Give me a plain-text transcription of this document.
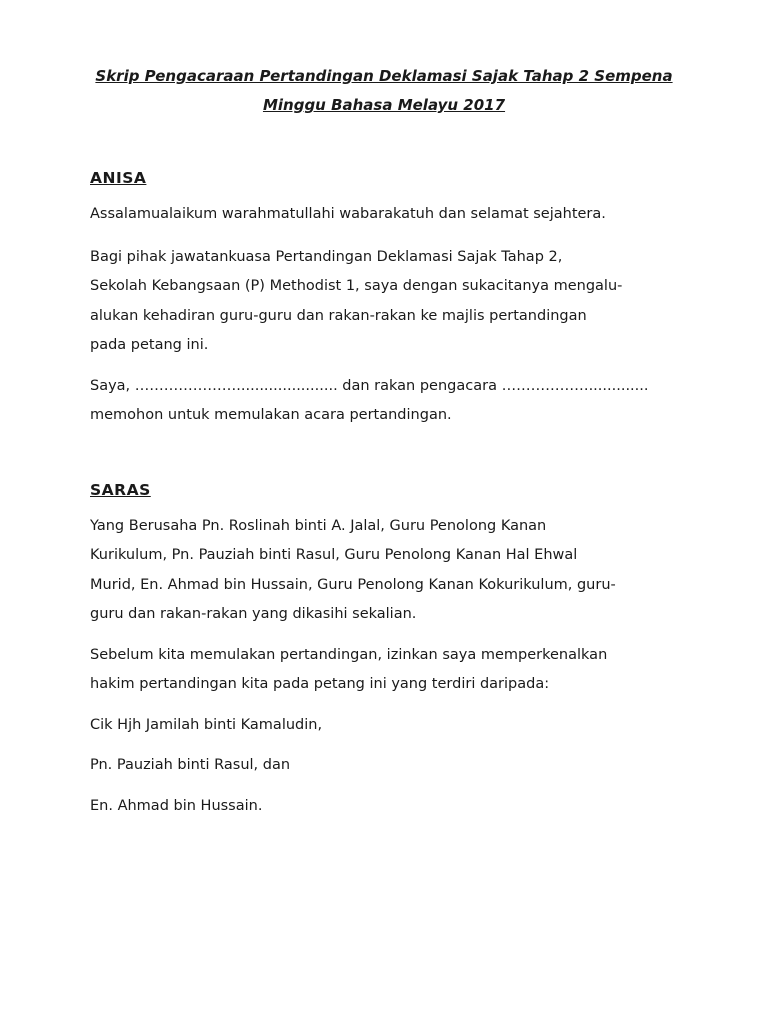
Skrip Pengacaraan Pertandingan Deklamasi Sajak Tahap 2 Sempena
Minggu Bahasa Melayu 2017

ANISA

Assalamualaikum warahmatullahi wabarakatuh dan selamat sejahtera.

Bagi pihak jawatankuasa Pertandingan Deklamasi Sajak Tahap 2,
Sekolah Kebangsaan (P) Methodist 1, saya dengan sukacitanya mengalu-
alukan kehadiran guru-guru dan rakan-rakan ke majlis pertandingan
pada petang ini.

Saya, …………………...................... dan rakan pengacara ……………….............
memohon untuk memulakan acara pertandingan.

SARAS

Yang Berusaha Pn. Roslinah binti A. Jalal, Guru Penolong Kanan
Kurikulum, Pn. Pauziah binti Rasul, Guru Penolong Kanan Hal Ehwal
Murid, En. Ahmad bin Hussain, Guru Penolong Kanan Kokurikulum, guru-
guru dan rakan-rakan yang dikasihi sekalian.

Sebelum kita memulakan pertandingan, izinkan saya memperkenalkan
hakim pertandingan kita pada petang ini yang terdiri daripada:

Cik Hjh Jamilah binti Kamaludin,

Pn. Pauziah binti Rasul, dan

En. Ahmad bin Hussain.
